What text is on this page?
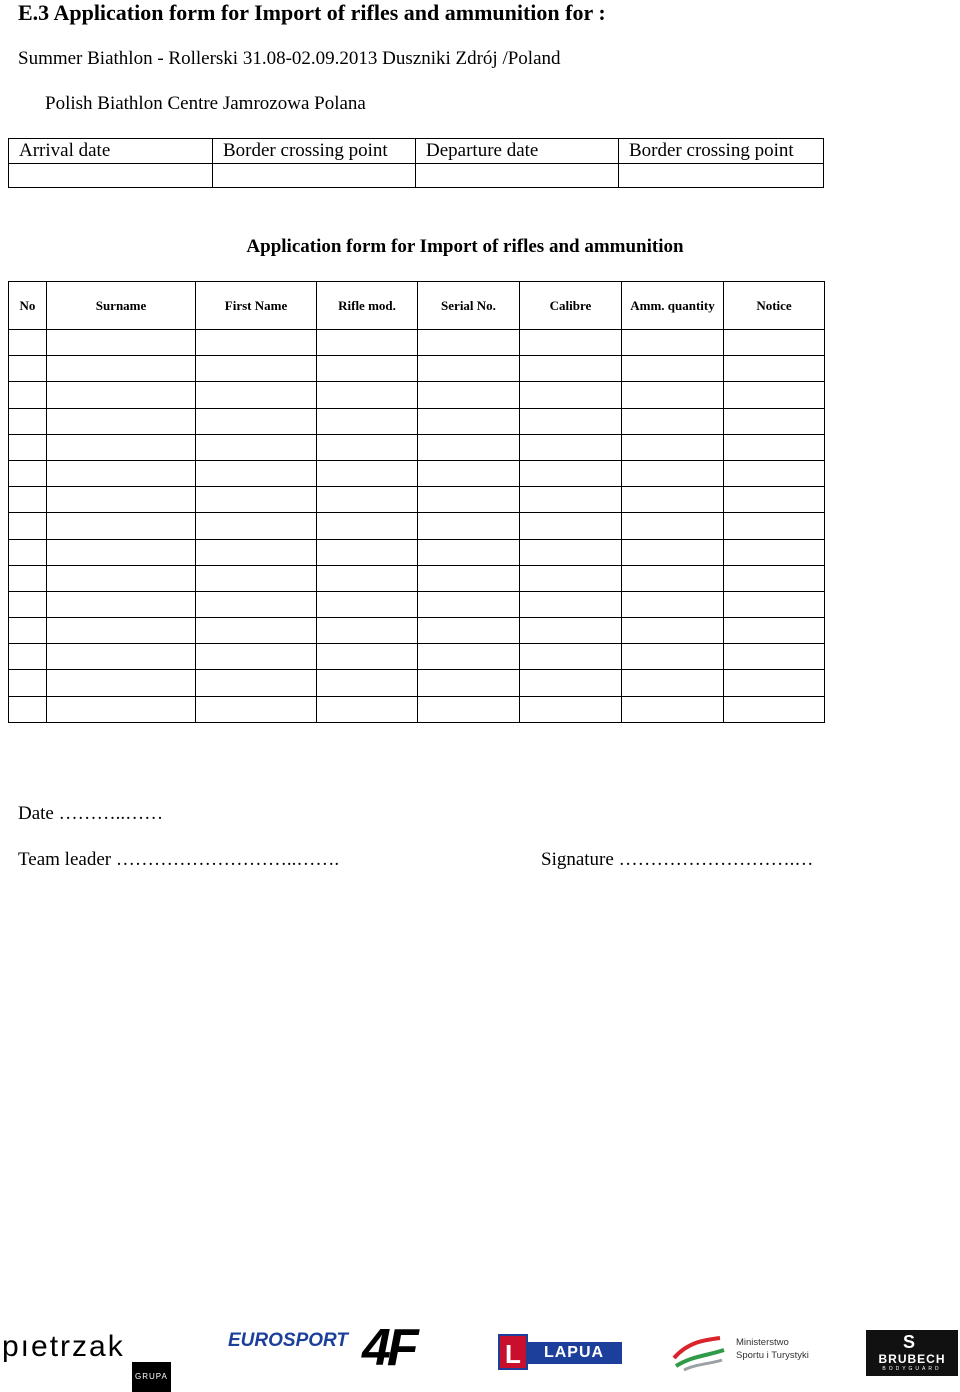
E.3 Application form for Import of rifles and ammunition for :
Summer Biathlon - Rollerski 31.08-02.09.2013 Duszniki Zdrój /Poland
Polish Biathlon Centre Jamrozowa Polana
Arrival date	Border crossing point	Departure date	Border crossing point

Application form for Import of rifles and ammunition
No	Surname	First Name	Rifle mod.	Serial No.	Calibre	Amm. quantity	Notice

Date ………..……
Team leader ………………………..…….	Signature ……………………….…
pıetrzak
GRUPA
EUROSPORT 4F	LAPUA
L	Ministerstwo
Sportu i Turystyki
S
BRUBECH
BODYGUARD
